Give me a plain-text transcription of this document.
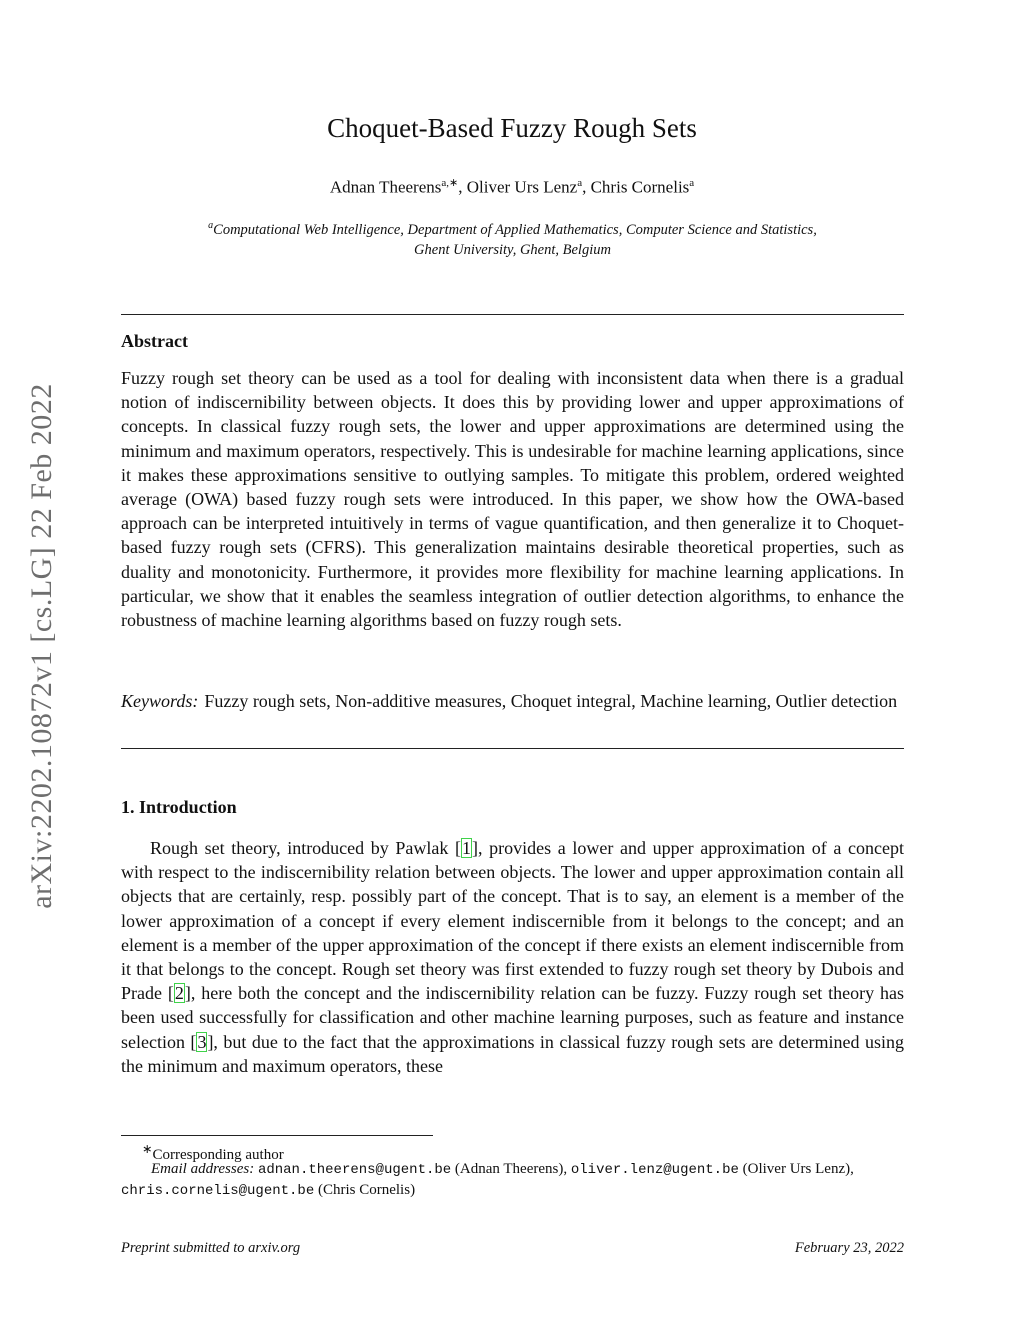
arXiv:2202.10872v1 [cs.LG] 22 Feb 2022
Choquet-Based Fuzzy Rough Sets
Adnan Theerens$^{a,∗}$, Oliver Urs Lenz$^a$, Chris Cornelis$^a$
$^a$Computational Web Intelligence, Department of Applied Mathematics, Computer Science and Statistics,
Ghent University, Ghent, Belgium
Abstract

Fuzzy rough set theory can be used as a tool for dealing with inconsistent data when there is a gradual notion of indiscernibility between objects. It does this by providing lower and upper approximations of concepts. In classical fuzzy rough sets, the lower and upper approximations are determined using the minimum and maximum operators, respectively. This is undesirable for machine learning applications, since it makes these approximations sensitive to outlying samples. To mitigate this problem, ordered weighted average (OWA) based fuzzy rough sets were introduced. In this paper, we show how the OWA-based approach can be interpreted intuitively in terms of vague quantification, and then generalize it to Choquet-based fuzzy rough sets (CFRS). This generalization maintains desirable theoretical properties, such as duality and monotonicity. Furthermore, it provides more flexibility for machine learning applications. In particular, we show that it enables the seamless integration of outlier detection algorithms, to enhance the robustness of machine learning algorithms based on fuzzy rough sets.

Keywords: Fuzzy rough sets, Non-additive measures, Choquet integral, Machine learning, Outlier detection
1. Introduction

Rough set theory, introduced by Pawlak [1], provides a lower and upper approximation of a concept with respect to the indiscernibility relation between objects. The lower and upper approximation contain all objects that are certainly, resp. possibly part of the concept. That is to say, an element is a member of the lower approximation of a concept if every element indiscernible from it belongs to the concept; and an element is a member of the upper approximation of the concept if there exists an element indiscernible from it that belongs to the concept. Rough set theory was first extended to fuzzy rough set theory by Dubois and Prade [2], here both the concept and the indiscernibility relation can be fuzzy. Fuzzy rough set theory has been used successfully for classification and other machine learning purposes, such as feature and instance selection [3], but due to the fact that the approximations in classical fuzzy rough sets are determined using the minimum and maximum operators, these

∗Corresponding author
Email addresses: adnan.theerens@ugent.be (Adnan Theerens), oliver.lenz@ugent.be (Oliver Urs Lenz), chris.cornelis@ugent.be (Chris Cornelis)
Preprint submitted to arxiv.org	February 23, 2022
